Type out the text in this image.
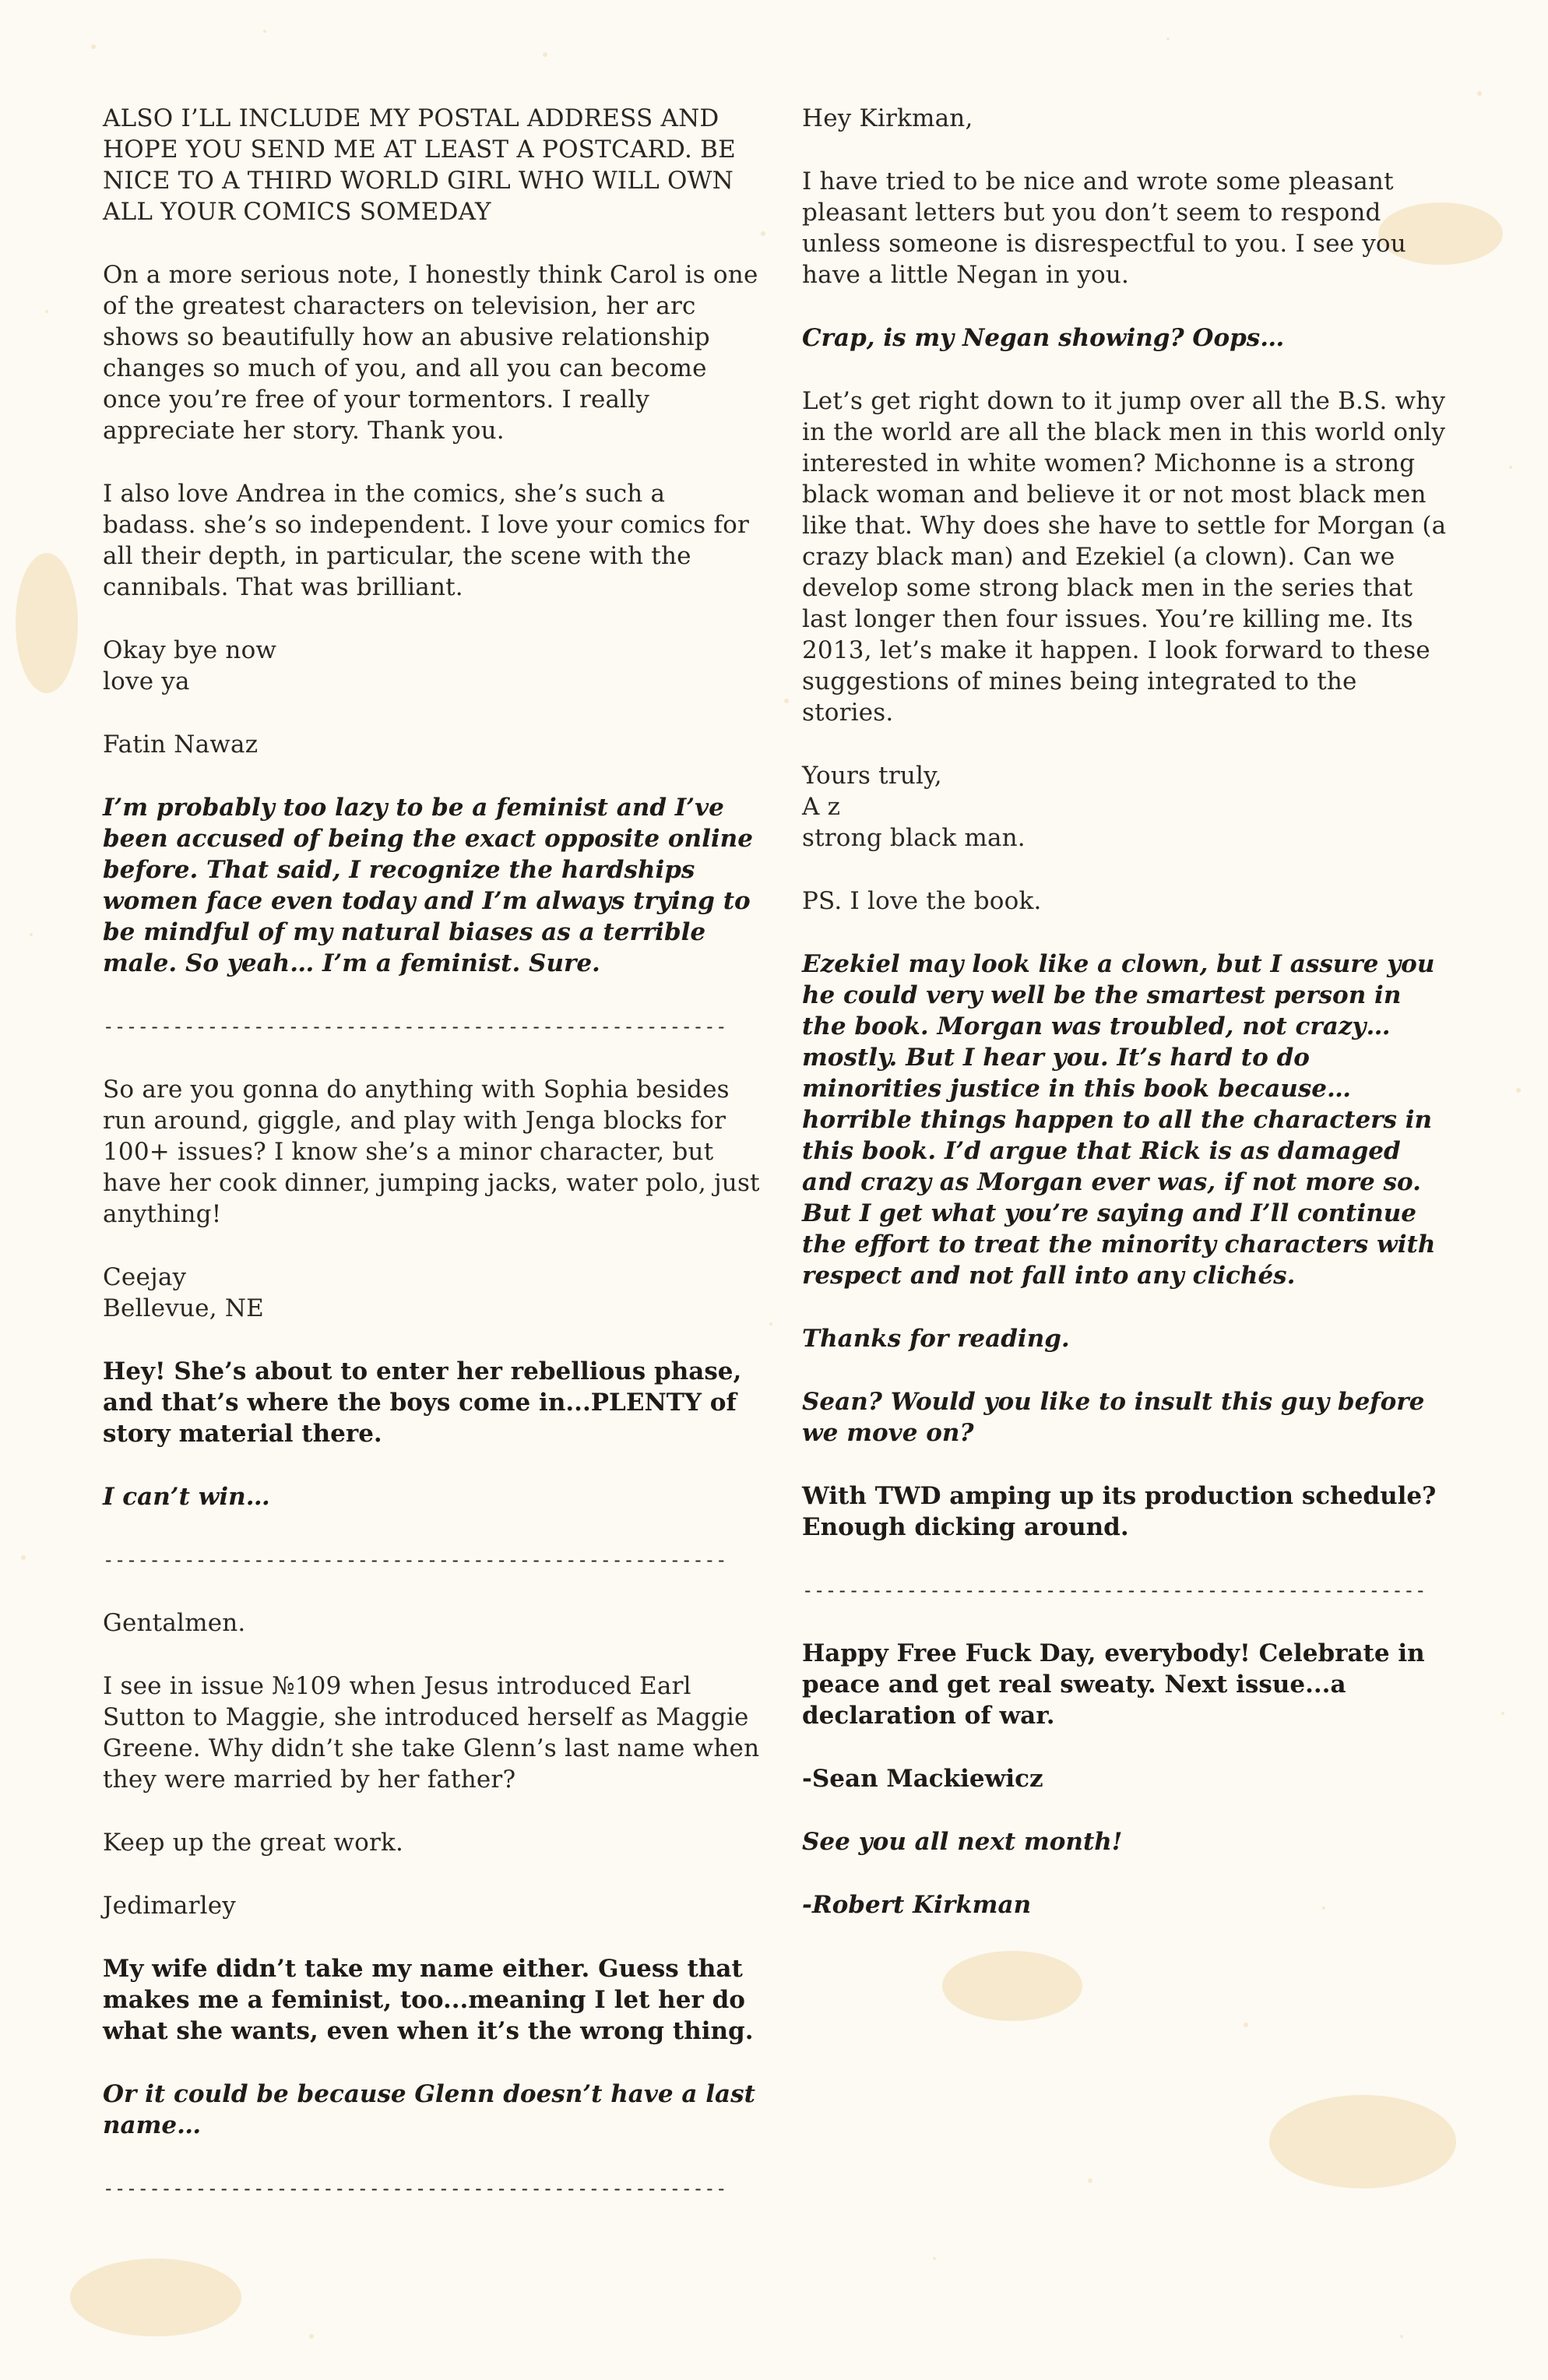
ALSO I’LL INCLUDE MY POSTAL ADDRESS AND HOPE YOU SEND ME AT LEAST A POSTCARD. BE NICE TO A THIRD WORLD GIRL WHO WILL OWN ALL YOUR COMICS SOMEDAY

On a more serious note, I honestly think Carol is one of the greatest characters on television, her arc shows so beautifully how an abusive relationship changes so much of you, and all you can become once you’re free of your tormentors. I really appreciate her story. Thank you.

I also love Andrea in the comics, she’s such a badass. she’s so independent. I love your comics for all their depth, in particular, the scene with the cannibals. That was brilliant.

Okay bye now
love ya

Fatin Nawaz

I’m probably too lazy to be a feminist and I’ve been accused of being the exact opposite online before. That said, I recognize the hardships women face even today and I’m always trying to be mindful of my natural biases as a terrible male. So yeah… I’m a feminist. Sure.

------------------------------------------------------

So are you gonna do anything with Sophia besides run around, giggle, and play with Jenga blocks for 100+ issues? I know she’s a minor character, but have her cook dinner, jumping jacks, water polo, just anything!

Ceejay
Bellevue, NE

Hey! She’s about to enter her rebellious phase, and that’s where the boys come in...PLENTY of story material there.

I can’t win…

------------------------------------------------------

Gentalmen.

I see in issue №109 when Jesus introduced Earl Sutton to Maggie, she introduced herself as Maggie Greene. Why didn’t she take Glenn’s last name when they were married by her father?

Keep up the great work.

Jedimarley

My wife didn’t take my name either. Guess that makes me a feminist, too...meaning I let her do what she wants, even when it’s the wrong thing.

Or it could be because Glenn doesn’t have a last name…

------------------------------------------------------

Hey Kirkman,

I have tried to be nice and wrote some pleasant pleasant letters but you don’t seem to respond unless someone is disrespectful to you. I see you have a little Negan in you.

Crap, is my Negan showing? Oops…

Let’s get right down to it jump over all the B.S. why in the world are all the black men in this world only interested in white women? Michonne is a strong black woman and believe it or not most black men like that. Why does she have to settle for Morgan (a crazy black man) and Ezekiel (a clown). Can we develop some strong black men in the series that last longer then four issues. You’re killing me. Its 2013, let’s make it happen. I look forward to these suggestions of mines being integrated to the stories.

Yours truly,
A z
strong black man.

PS. I love the book.

Ezekiel may look like a clown, but I assure you he could very well be the smartest person in the book. Morgan was troubled, not crazy… mostly. But I hear you. It’s hard to do minorities justice in this book because… horrible things happen to all the characters in this book. I’d argue that Rick is as damaged and crazy as Morgan ever was, if not more so. But I get what you’re saying and I’ll continue the effort to treat the minority characters with respect and not fall into any clichés.

Thanks for reading.

Sean? Would you like to insult this guy before we move on?

With TWD amping up its production schedule? Enough dicking around.

------------------------------------------------------

Happy Free Fuck Day, everybody! Celebrate in peace and get real sweaty. Next issue...a declaration of war.

-Sean Mackiewicz

See you all next month!

-Robert Kirkman
